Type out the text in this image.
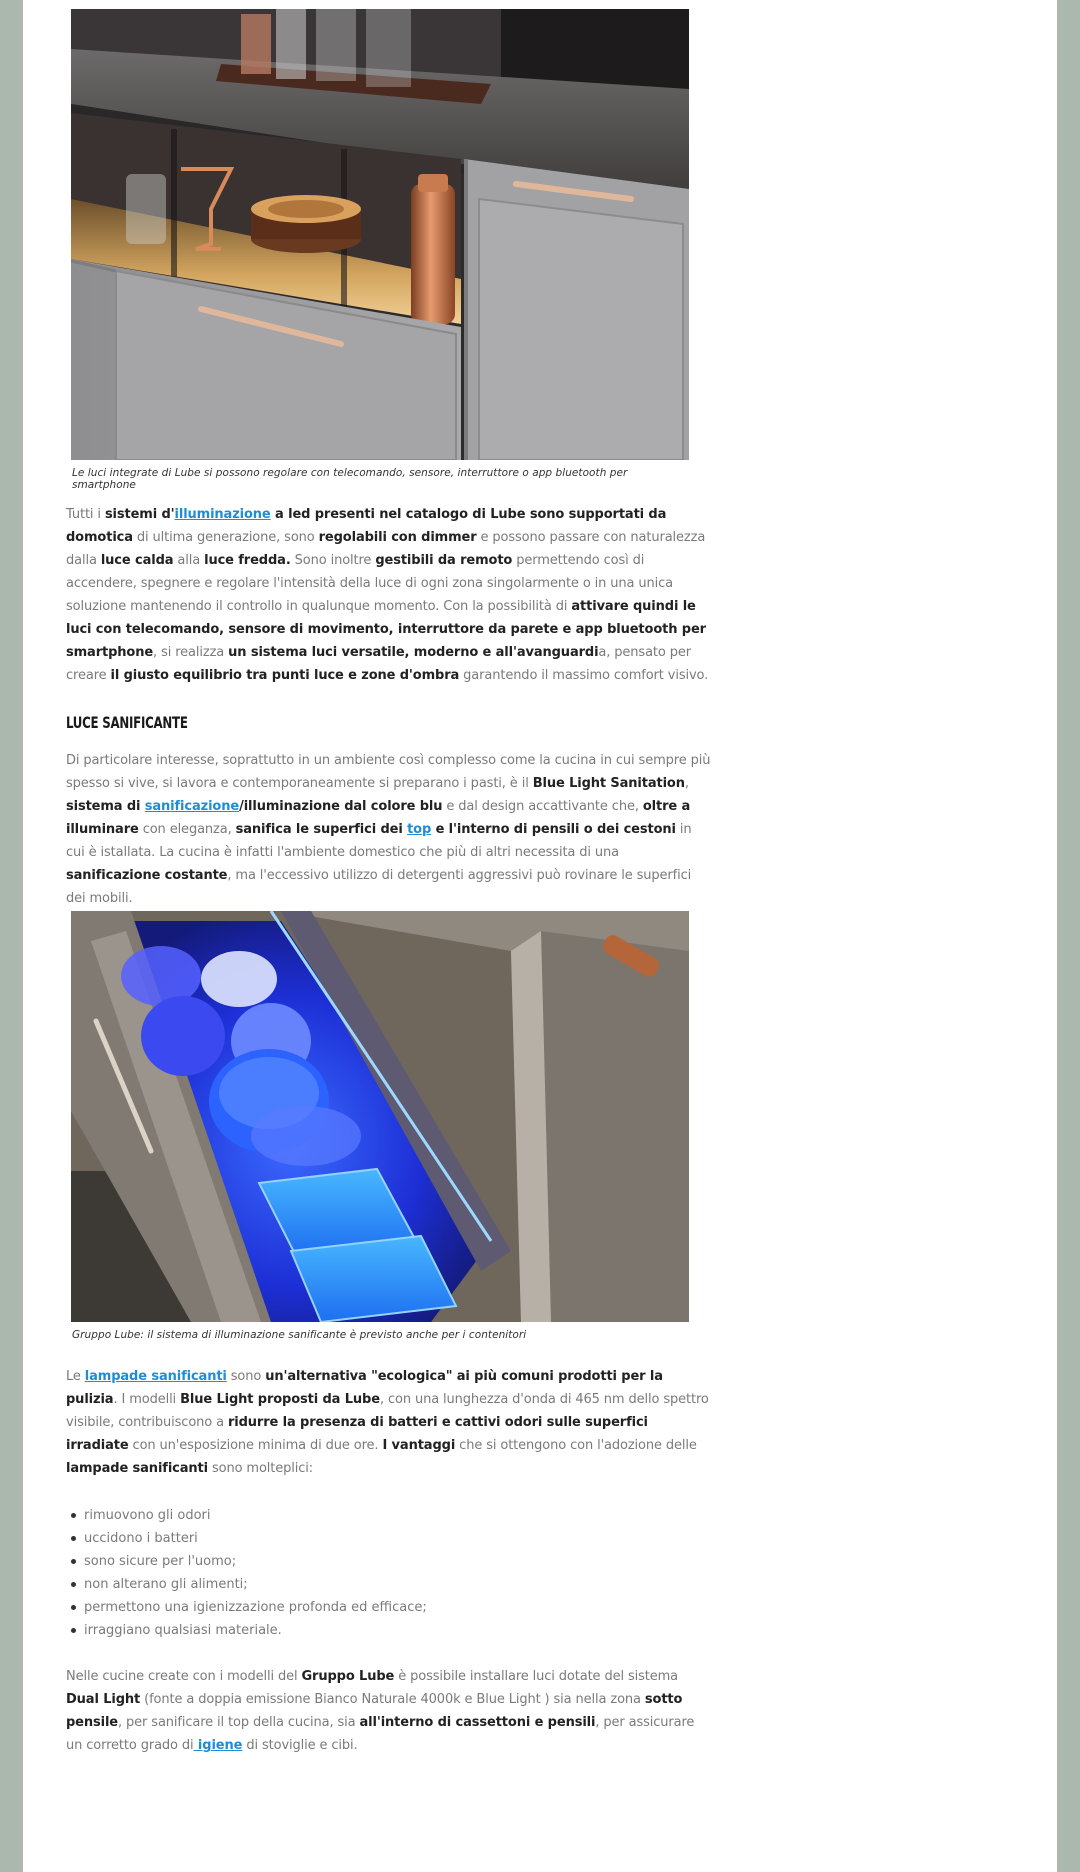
Le luci integrate di Lube si possono regolare con telecomando, sensore, interruttore o app bluetooth per smartphone

Tutti i sistemi d'illuminazione a led presenti nel catalogo di Lube sono supportati da domotica di ultima generazione, sono regolabili con dimmer e possono passare con naturalezza dalla luce calda alla luce fredda. Sono inoltre gestibili da remoto permettendo così di accendere, spegnere e regolare l'intensità della luce di ogni zona singolarmente o in una unica soluzione mantenendo il controllo in qualunque momento. Con la possibilità di attivare quindi le luci con telecomando, sensore di movimento, interruttore da parete e app bluetooth per smartphone, si realizza un sistema luci versatile, moderno e all'avanguardia, pensato per creare il giusto equilibrio tra punti luce e zone d'ombra garantendo il massimo comfort visivo.

LUCE SANIFICANTE

Di particolare interesse, soprattutto in un ambiente così complesso come la cucina in cui sempre più spesso si vive, si lavora e contemporaneamente si preparano i pasti, è il Blue Light Sanitation, sistema di sanificazione/illuminazione dal colore blu e dal design accattivante che, oltre a illuminare con eleganza, sanifica le superfici dei top e l'interno di pensili o dei cestoni in cui è istallata. La cucina è infatti l'ambiente domestico che più di altri necessita di una sanificazione costante, ma l'eccessivo utilizzo di detergenti aggressivi può rovinare le superfici dei mobili.

Gruppo Lube: il sistema di illuminazione sanificante è previsto anche per i contenitori

Le lampade sanificanti sono un'alternativa "ecologica" ai più comuni prodotti per la pulizia. I modelli Blue Light proposti da Lube, con una lunghezza d'onda di 465 nm dello spettro visibile, contribuiscono a ridurre la presenza di batteri e cattivi odori sulle superfici irradiate con un'esposizione minima di due ore. I vantaggi che si ottengono con l'adozione delle lampade sanificanti sono molteplici:

rimuovono gli odori
uccidono i batteri
sono sicure per l'uomo;
non alterano gli alimenti;
permettono una igienizzazione profonda ed efficace;
irraggiano qualsiasi materiale.

Nelle cucine create con i modelli del Gruppo Lube è possibile installare luci dotate del sistema Dual Light (fonte a doppia emissione Bianco Naturale 4000k e Blue Light ) sia nella zona sotto pensile, per sanificare il top della cucina, sia all'interno di cassettoni e pensili, per assicurare un corretto grado di igiene di stoviglie e cibi.
